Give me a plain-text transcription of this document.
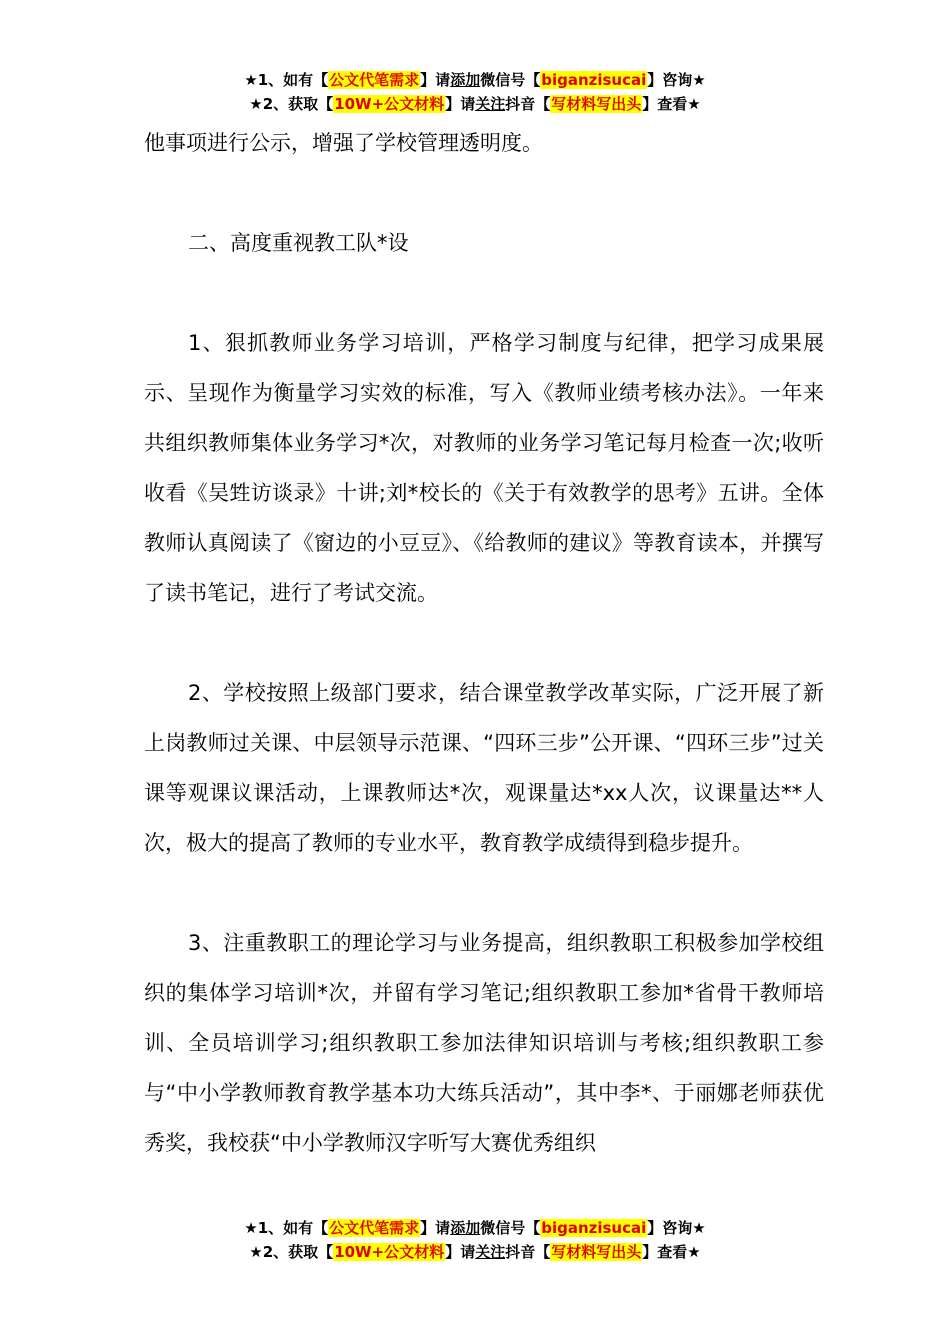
★1、如有【公文代笔需求】请添加微信号【biganzisucai】咨询★
★2、获取【10W+公文材料】请关注抖音【写材料写出头】查看★

他事项进行公示，增强了学校管理透明度。

二、高度重视教工队*设

1、狠抓教师业务学习培训，严格学习制度与纪律，把学习成果展示、呈现作为衡量学习实效的标准，写入《教师业绩考核办法》。一年来共组织教师集体业务学习*次，对教师的业务学习笔记每月检查一次;收听收看《吴甡访谈录》十讲;刘*校长的《关于有效教学的思考》五讲。全体教师认真阅读了《窗边的小豆豆》、《给教师的建议》等教育读本，并撰写了读书笔记，进行了考试交流。

2、学校按照上级部门要求，结合课堂教学改革实际，广泛开展了新上岗教师过关课、中层领导示范课、“四环三步”公开课、“四环三步”过关课等观课议课活动，上课教师达*次，观课量达*xx人次，议课量达**人次，极大的提高了教师的专业水平，教育教学成绩得到稳步提升。

3、注重教职工的理论学习与业务提高，组织教职工积极参加学校组织的集体学习培训*次，并留有学习笔记;组织教职工参加*省骨干教师培训、全员培训学习;组织教职工参加法律知识培训与考核;组织教职工参与“中小学教师教育教学基本功大练兵活动”，其中李*、于丽娜老师获优秀奖，我校获“中小学教师汉字听写大赛优秀组织

★1、如有【公文代笔需求】请添加微信号【biganzisucai】咨询★
★2、获取【10W+公文材料】请关注抖音【写材料写出头】查看★
